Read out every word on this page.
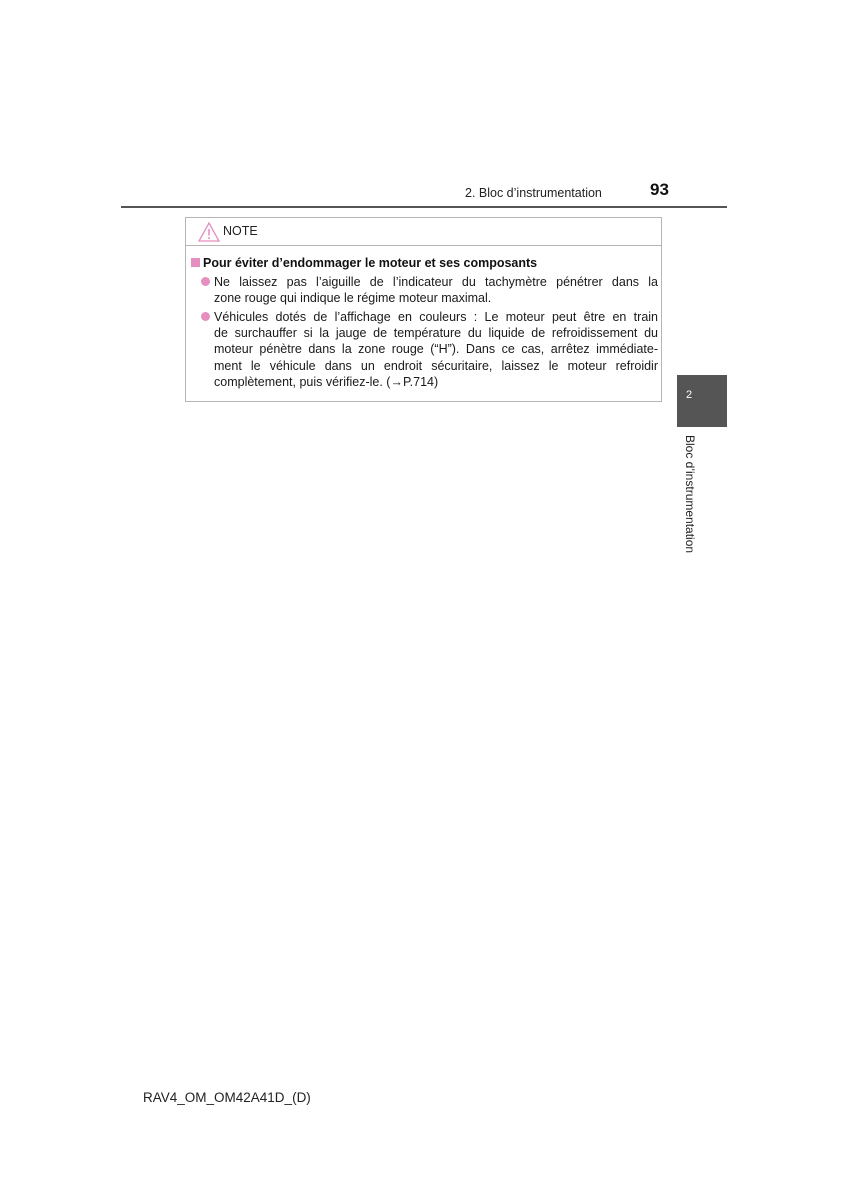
2. Bloc d’instrumentation	93
NOTE
Pour éviter d’endommager le moteur et ses composants
Ne laissez pas l’aiguille de l’indicateur du tachymètre pénétrer dans la
zone rouge qui indique le régime moteur maximal.
Véhicules dotés de l’affichage en couleurs : Le moteur peut être en train
de surchauffer si la jauge de température du liquide de refroidissement du
moteur pénètre dans la zone rouge (“H”). Dans ce cas, arrêtez immédiate-
ment le véhicule dans un endroit sécuritaire, laissez le moteur refroidir
complètement, puis vérifiez-le. (→P.714)
2
Bloc d’instrumentation
RAV4_OM_OM42A41D_(D)
